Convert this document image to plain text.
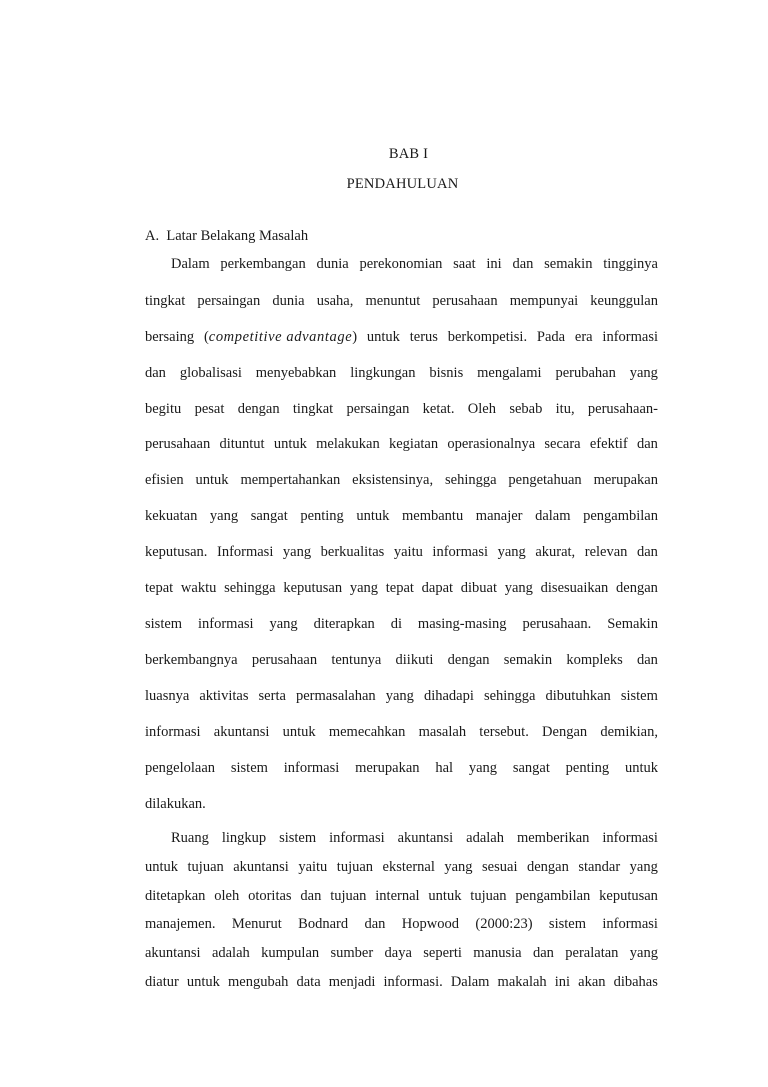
BAB I
PENDAHULUAN
A. Latar Belakang Masalah
Dalam perkembangan dunia perekonomian saat ini dan semakin tingginya
tingkat persaingan dunia usaha, menuntut perusahaan mempunyai keunggulan
bersaing (competitive advantage) untuk terus berkompetisi. Pada era informasi
dan globalisasi menyebabkan lingkungan bisnis mengalami perubahan yang
begitu pesat dengan tingkat persaingan ketat. Oleh sebab itu, perusahaan-
perusahaan dituntut untuk melakukan kegiatan operasionalnya secara efektif dan
efisien untuk mempertahankan eksistensinya, sehingga pengetahuan merupakan
kekuatan yang sangat penting untuk membantu manajer dalam pengambilan
keputusan. Informasi yang berkualitas yaitu informasi yang akurat, relevan dan
tepat waktu sehingga keputusan yang tepat dapat dibuat yang disesuaikan dengan
sistem informasi yang diterapkan di masing-masing perusahaan. Semakin
berkembangnya perusahaan tentunya diikuti dengan semakin kompleks dan
luasnya aktivitas serta permasalahan yang dihadapi sehingga dibutuhkan sistem
informasi akuntansi untuk memecahkan masalah tersebut. Dengan demikian,
pengelolaan sistem informasi merupakan hal yang sangat penting untuk
dilakukan.
Ruang lingkup sistem informasi akuntansi adalah memberikan informasi
untuk tujuan akuntansi yaitu tujuan eksternal yang sesuai dengan standar yang
ditetapkan oleh otoritas dan tujuan internal untuk tujuan pengambilan keputusan
manajemen. Menurut Bodnard dan Hopwood (2000:23) sistem informasi
akuntansi adalah kumpulan sumber daya seperti manusia dan peralatan yang
diatur untuk mengubah data menjadi informasi. Dalam makalah ini akan dibahas
